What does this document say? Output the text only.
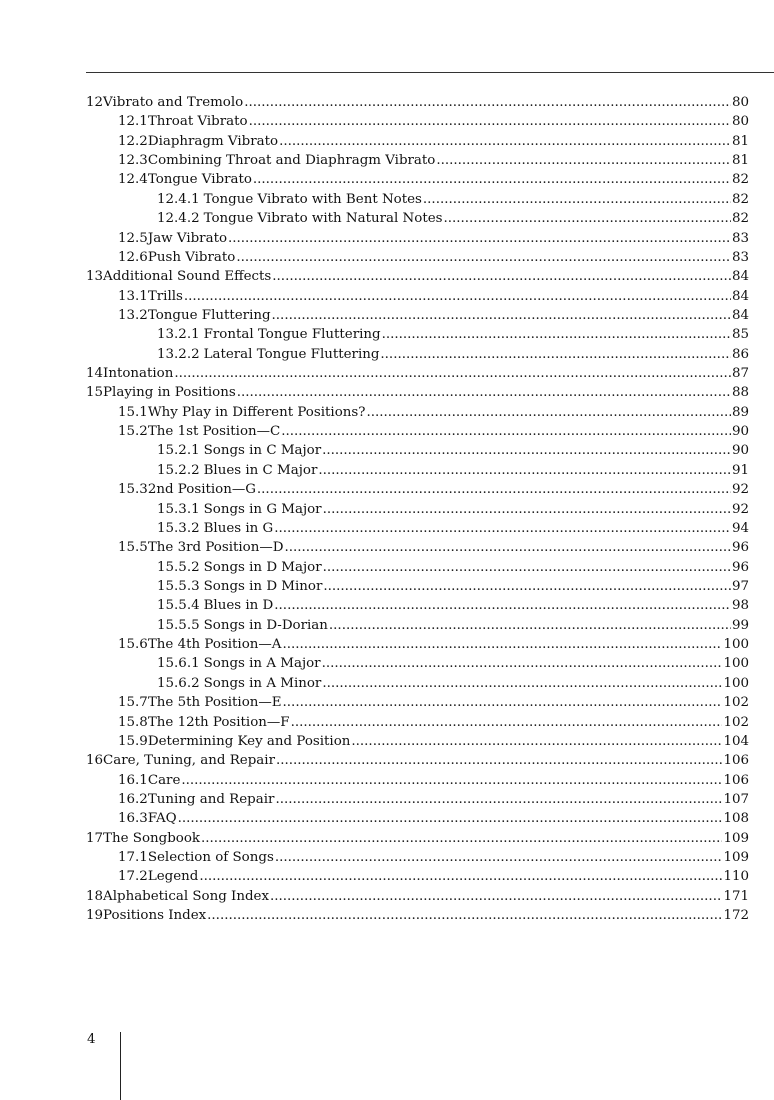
12 Vibrato and Tremolo .....	80
12.1 Throat Vibrato .....	80
12.2 Diaphragm Vibrato .....	81
12.3 Combining Throat and Diaphragm Vibrato .....	81
12.4 Tongue Vibrato .....	82
12.4.1 Tongue Vibrato with Bent Notes .....	82
12.4.2 Tongue Vibrato with Natural Notes .....	82
12.5 Jaw Vibrato .....	83
12.6 Push Vibrato .....	83
13 Additional Sound Effects .....	84
13.1 Trills .....	84
13.2 Tongue Fluttering .....	84
13.2.1 Frontal Tongue Fluttering .....	85
13.2.2 Lateral Tongue Fluttering .....	86
14 Intonation .....	87
15 Playing in Positions .....	88
15.1 Why Play in Different Positions? .....	89
15.2 The 1st Position—C .....	90
15.2.1 Songs in C Major .....	90
15.2.2 Blues in C Major .....	91
15.3 2nd Position—G .....	92
15.3.1 Songs in G Major .....	92
15.3.2 Blues in G .....	94
15.5 The 3rd Position—D .....	96
15.5.2 Songs in D Major .....	96
15.5.3 Songs in D Minor .....	97
15.5.4 Blues in D .....	98
15.5.5 Songs in D-Dorian .....	99
15.6 The 4th Position—A .....	100
15.6.1 Songs in A Major .....	100
15.6.2 Songs in A Minor .....	100
15.7 The 5th Position—E .....	102
15.8 The 12th Position—F .....	102
15.9 Determining Key and Position .....	104
16 Care, Tuning, and Repair .....	106
16.1 Care .....	106
16.2 Tuning and Repair .....	107
16.3 FAQ .....	108
17 The Songbook .....	109
17.1 Selection of Songs .....	109
17.2 Legend .....	110
18 Alphabetical Song Index .....	171
19 Positions Index .....	172
4
